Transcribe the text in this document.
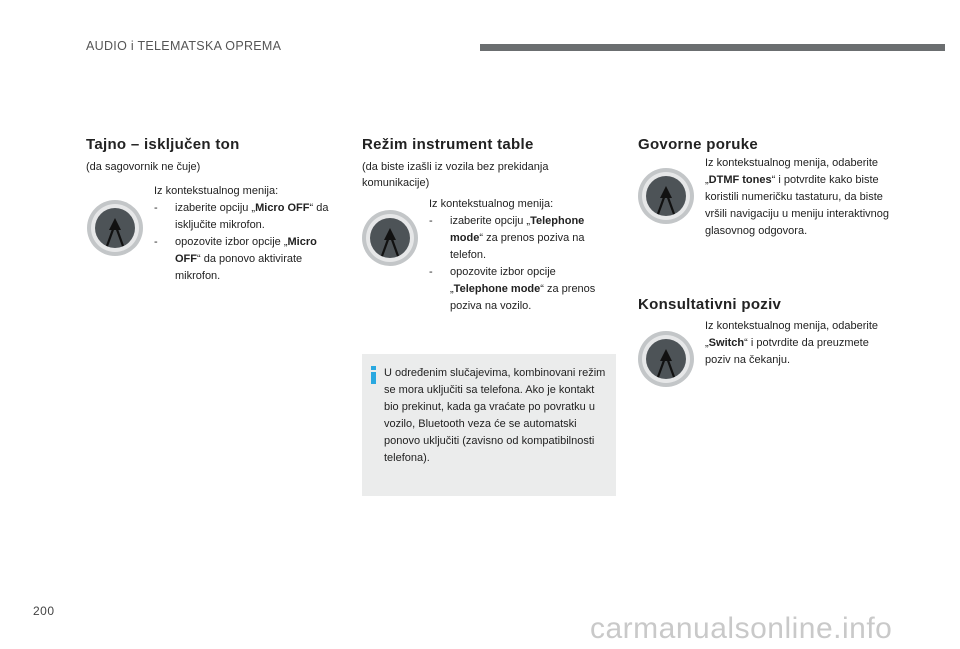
AUDIO i TELEMATSKA OPREMA
Tajno – isključen ton
(da sagovornik ne čuje)
Iz kontekstualnog menija:
- izaberite opciju „Micro OFF“ da isključite mikrofon.
- opozovite izbor opcije „Micro OFF“ da ponovo aktivirate mikrofon.
Režim instrument table
(da biste izašli iz vozila bez prekidanja komunikacije)
Iz kontekstualnog menija:
- izaberite opciju „Telephone mode“ za prenos poziva na telefon.
- opozovite izbor opcije „Telephone mode“ za prenos poziva na vozilo.
U određenim slučajevima, kombinovani režim se mora uključiti sa telefona. Ako je kontakt bio prekinut, kada ga vraćate po povratku u vozilo, Bluetooth veza će se automatski ponovo uključiti (zavisno od kompatibilnosti telefona).
Govorne poruke
Iz kontekstualnog menija, odaberite „DTMF tones“ i potvrdite kako biste koristili numeričku tastaturu, da biste vršili navigaciju u meniju interaktivnog glasovnog odgovora.
Konsultativni poziv
Iz kontekstualnog menija, odaberite „Switch“ i potvrdite da preuzmete poziv na čekanju.
200
carmanualsonline.info
